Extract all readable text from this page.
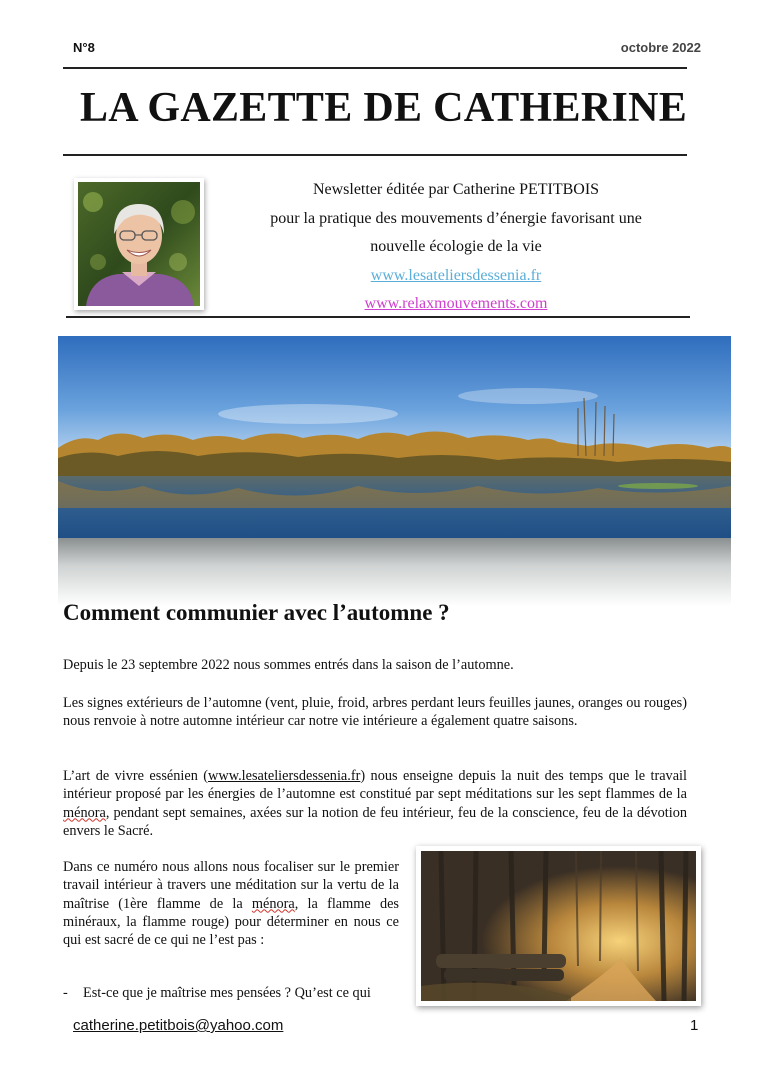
N°8	octobre 2022
LA GAZETTE DE CATHERINE
Newsletter éditée par Catherine PETITBOIS
pour la pratique des mouvements d’énergie favorisant une
nouvelle écologie de la vie
www.lesateliersdessenia.fr
www.relaxmouvements.com
Comment communier avec l’automne ?

Depuis le 23 septembre 2022 nous sommes entrés dans la saison de l’automne.

Les signes extérieurs de l’automne (vent, pluie, froid, arbres perdant leurs feuilles jaunes, oranges ou rouges) nous renvoie à notre automne intérieur car notre vie intérieure a également quatre saisons.

L’art de vivre essénien (www.lesateliersdessenia.fr) nous enseigne depuis la nuit des temps que le travail intérieur proposé par les énergies de l’automne est constitué par sept méditations sur les sept flammes de la ménora, pendant sept semaines, axées sur la notion de feu intérieur, feu de la conscience, feu de la dévotion envers le Sacré.

Dans ce numéro nous allons nous focaliser sur le premier travail intérieur à travers une méditation sur la vertu de la maîtrise (1ère flamme de la ménora, la flamme des minéraux, la flamme rouge) pour déterminer en nous ce qui est sacré de ce qui ne l’est pas :

- Est-ce que je maîtrise mes pensées ? Qu’est ce qui
catherine.petitbois@yahoo.com	1
